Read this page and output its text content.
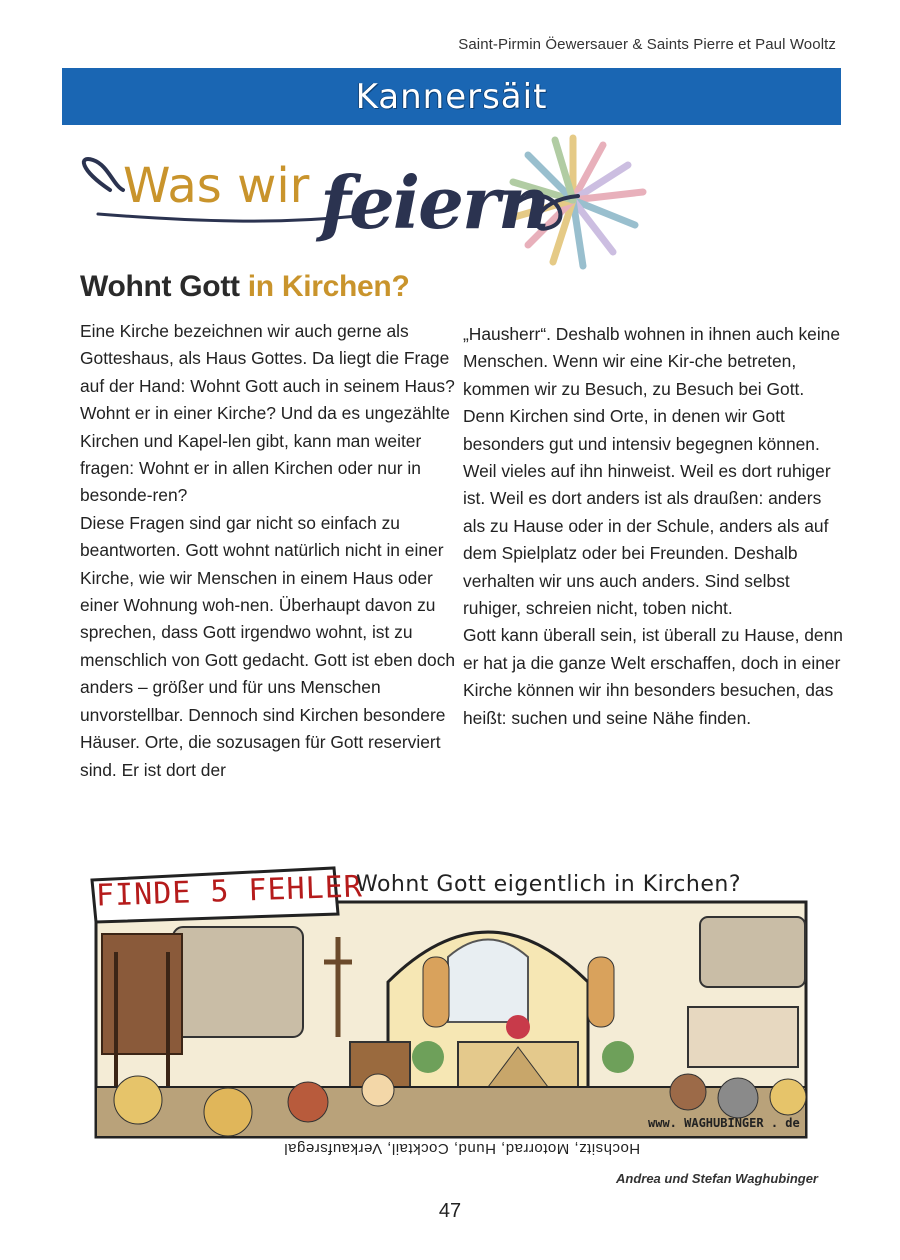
Saint-Pirmin Öewersauer & Saints Pierre et Paul Wooltz
Kannersäit
Was wir feiern
Wohnt Gott in Kirchen?

Eine Kirche bezeichnen wir auch gerne als Gotteshaus, als Haus Gottes. Da liegt die Frage auf der Hand: Wohnt Gott auch in seinem Haus? Wohnt er in einer Kirche? Und da es ungezählte Kirchen und Kapel-len gibt, kann man weiter fragen: Wohnt er in allen Kirchen oder nur in besonde-ren?

Diese Fragen sind gar nicht so einfach zu beantworten. Gott wohnt natürlich nicht in einer Kirche, wie wir Menschen in einem Haus oder einer Wohnung woh-nen. Überhaupt davon zu sprechen, dass Gott irgendwo wohnt, ist zu menschlich von Gott gedacht. Gott ist eben doch anders – größer und für uns Menschen unvorstellbar. Dennoch sind Kirchen besondere Häuser. Orte, die sozusagen für Gott reserviert sind. Er ist dort der

„Hausherr“. Deshalb wohnen in ihnen auch keine Menschen. Wenn wir eine Kir-che betreten, kommen wir zu Besuch, zu Besuch bei Gott. Denn Kirchen sind Orte, in denen wir Gott besonders gut und intensiv begegnen können. Weil vieles auf ihn hinweist. Weil es dort ruhiger ist. Weil es dort anders ist als draußen: anders als zu Hause oder in der Schule, anders als auf dem Spielplatz oder bei Freunden. Deshalb verhalten wir uns auch anders. Sind selbst ruhiger, schreien nicht, toben nicht.

Gott kann überall sein, ist überall zu Hause, denn er hat ja die ganze Welt erschaffen, doch in einer Kirche können wir ihn besonders besuchen, das heißt: suchen und seine Nähe finden.

FINDE 5 FEHLER
Wohnt Gott eigentlich in Kirchen?
www. WAGHUBINGER . de
Hochsitz, Motorrad, Hund, Cocktail, Verkaufsregal
Andrea und Stefan Waghubinger
47
